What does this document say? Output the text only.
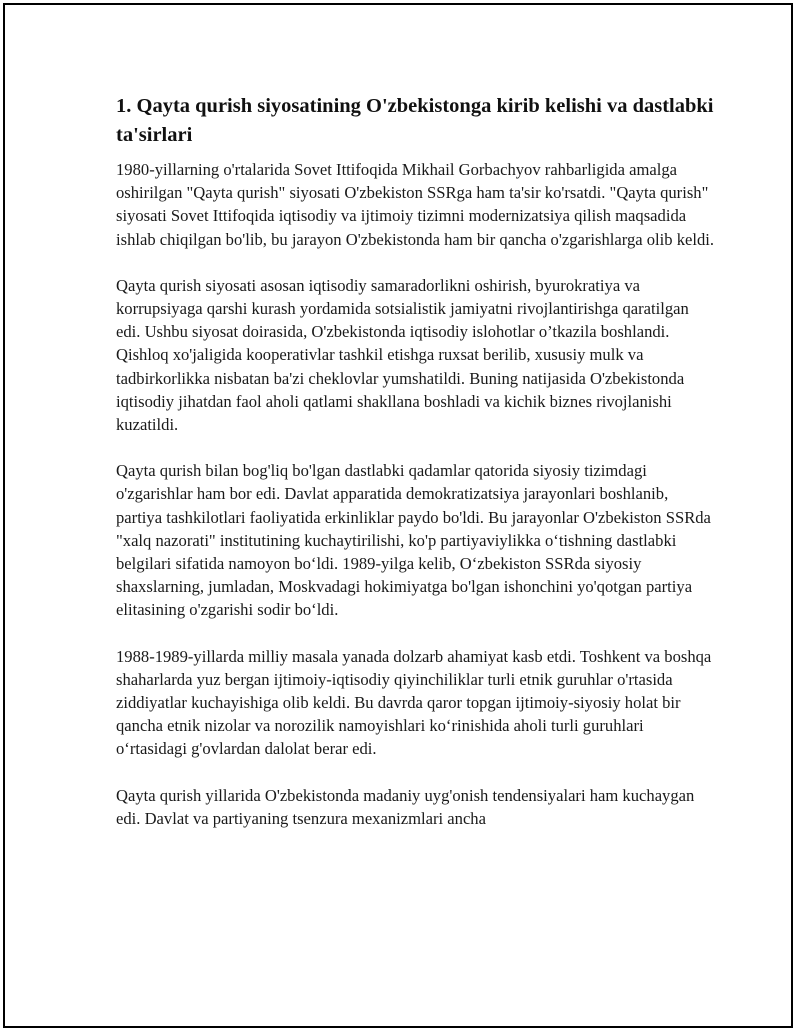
1. Qayta qurish siyosatining O'zbekistonga kirib kelishi va dastlabki ta'sirlari

1980-yillarning o'rtalarida Sovet Ittifoqida Mikhail Gorbachyov rahbarligida amalga oshirilgan "Qayta qurish" siyosati O'zbekiston SSRga ham ta'sir ko'rsatdi. "Qayta qurish" siyosati Sovet Ittifoqida iqtisodiy va ijtimoiy tizimni modernizatsiya qilish maqsadida ishlab chiqilgan bo'lib, bu jarayon O'zbekistonda ham bir qancha o'zgarishlarga olib keldi.

Qayta qurish siyosati asosan iqtisodiy samaradorlikni oshirish, byurokratiya va korrupsiyaga qarshi kurash yordamida sotsialistik jamiyatni rivojlantirishga qaratilgan edi. Ushbu siyosat doirasida, O'zbekistonda iqtisodiy islohotlar o’tkazila boshlandi. Qishloq xo'jaligida kooperativlar tashkil etishga ruxsat berilib, xususiy mulk va tadbirkorlikka nisbatan ba'zi cheklovlar yumshatildi. Buning natijasida O'zbekistonda iqtisodiy jihatdan faol aholi qatlami shakllana boshladi va kichik biznes rivojlanishi kuzatildi.

Qayta qurish bilan bog'liq bo'lgan dastlabki qadamlar qatorida siyosiy tizimdagi o'zgarishlar ham bor edi. Davlat apparatida demokratizatsiya jarayonlari boshlanib, partiya tashkilotlari faoliyatida erkinliklar paydo bo'ldi. Bu jarayonlar O'zbekiston SSRda "xalq nazorati" institutining kuchaytirilishi, ko'p partiyaviylikka o‘tishning dastlabki belgilari sifatida namoyon bo‘ldi. 1989-yilga kelib, O‘zbekiston SSRda siyosiy shaxslarning, jumladan, Moskvadagi hokimiyatga bo'lgan ishonchini yo'qotgan partiya elitasining o'zgarishi sodir bo‘ldi.

1988-1989-yillarda milliy masala yanada dolzarb ahamiyat kasb etdi. Toshkent va boshqa shaharlarda yuz bergan ijtimoiy-iqtisodiy qiyinchiliklar turli etnik guruhlar o'rtasida ziddiyatlar kuchayishiga olib keldi. Bu davrda qaror topgan ijtimoiy-siyosiy holat bir qancha etnik nizolar va norozilik namoyishlari ko‘rinishida aholi turli guruhlari o‘rtasidagi g'ovlardan dalolat berar edi.

Qayta qurish yillarida O'zbekistonda madaniy uyg'onish tendensiyalari ham kuchaygan edi. Davlat va partiyaning tsenzura mexanizmlari ancha
